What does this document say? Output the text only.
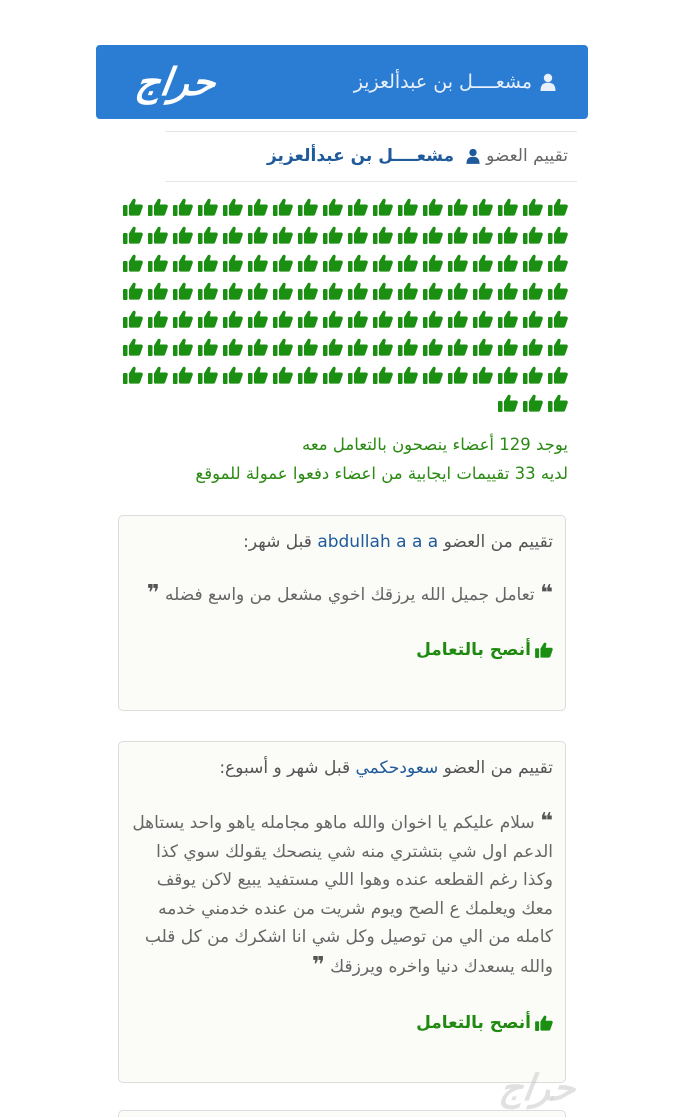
حراج	مشعــــل بن عبدألعزيز
تقييم العضو
مشعــــل بن عبدألعزيز
يوجد 129 أعضاء ينصحون بالتعامل معه
لديه 33 تقييمات ايجابية من اعضاء دفعوا عمولة للموقع
تقييم من العضو abdullah a a a قبل شهر:
❝ تعامل جميل الله يرزقك اخوي مشعل من واسع فضله ❞
أنصح بالتعامل
تقييم من العضو سعودحكمي قبل شهر و أسبوع:
❝ سلام عليكم يا اخوان والله ماهو مجامله ياهو واحد يستاهل الدعم اول شي بتشتري منه شي ينصحك يقولك سوي كذا وكذا رغم القطعه عنده وهوا اللي مستفيد يبيع لاكن يوقف معك ويعلمك ع الصح ويوم شريت من عنده خدمني خدمه كامله من الي من توصيل وكل شي انا اشكرك من كل قلب والله يسعدك دنيا واخره ويرزقك ❞
أنصح بالتعامل
حراج
